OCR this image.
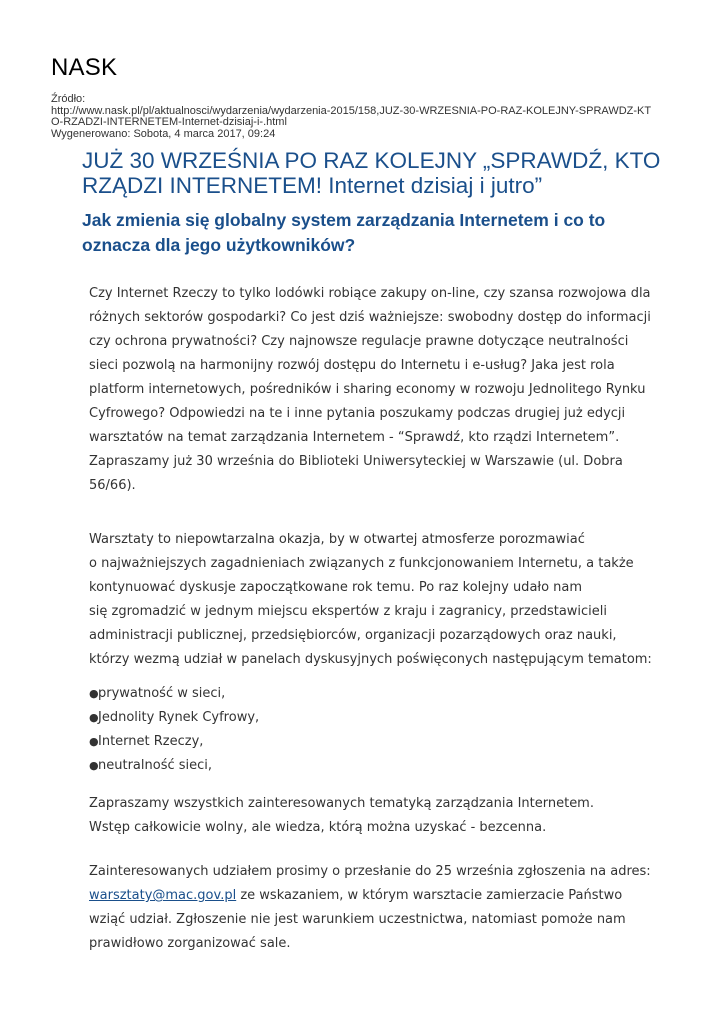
NASK
Źródło:
http://www.nask.pl/pl/aktualnosci/wydarzenia/wydarzenia-2015/158,JUZ-30-WRZESNIA-PO-RAZ-KOLEJNY-SPRAWDZ-KT
O-RZADZI-INTERNETEM-Internet-dzisiaj-i-.html
Wygenerowano: Sobota, 4 marca 2017, 09:24
JUŻ 30 WRZEŚNIA PO RAZ KOLEJNY „SPRAWDŹ, KTO
RZĄDZI INTERNETEM! Internet dzisiaj i jutro”
Jak zmienia się globalny system zarządzania Internetem i co to
oznacza dla jego użytkowników?

Czy Internet Rzeczy to tylko lodówki robiące zakupy on-line, czy szansa rozwojowa dla
różnych sektorów gospodarki? Co jest dziś ważniejsze: swobodny dostęp do informacji
czy ochrona prywatności? Czy najnowsze regulacje prawne dotyczące neutralności
sieci pozwolą na harmonijny rozwój dostępu do Internetu i e-usług? Jaka jest rola
platform internetowych, pośredników i sharing economy w rozwoju Jednolitego Rynku
Cyfrowego? Odpowiedzi na te i inne pytania poszukamy podczas drugiej już edycji
warsztatów na temat zarządzania Internetem - “Sprawdź, kto rządzi Internetem”.
Zapraszamy już 30 września do Biblioteki Uniwersyteckiej w Warszawie (ul. Dobra
56/66).

Warsztaty to niepowtarzalna okazja, by w otwartej atmosferze porozmawiać
o najważniejszych zagadnieniach związanych z funkcjonowaniem Internetu, a także
kontynuować dyskusje zapoczątkowane rok temu. Po raz kolejny udało nam
się zgromadzić w jednym miejscu ekspertów z kraju i zagranicy, przedstawicieli
administracji publicznej, przedsiębiorców, organizacji pozarządowych oraz nauki,
którzy wezmą udział w panelach dyskusyjnych poświęconych następującym tematom:

● prywatność w sieci,
● Jednolity Rynek Cyfrowy,
● Internet Rzeczy,
● neutralność sieci,

Zapraszamy wszystkich zainteresowanych tematyką zarządzania Internetem.
Wstęp całkowicie wolny, ale wiedza, którą można uzyskać - bezcenna.

Zainteresowanych udziałem prosimy o przesłanie do 25 września zgłoszenia na adres:
warsztaty@mac.gov.pl ze wskazaniem, w którym warsztacie zamierzacie Państwo
wziąć udział. Zgłoszenie nie jest warunkiem uczestnictwa, natomiast pomoże nam
prawidłowo zorganizować sale.
